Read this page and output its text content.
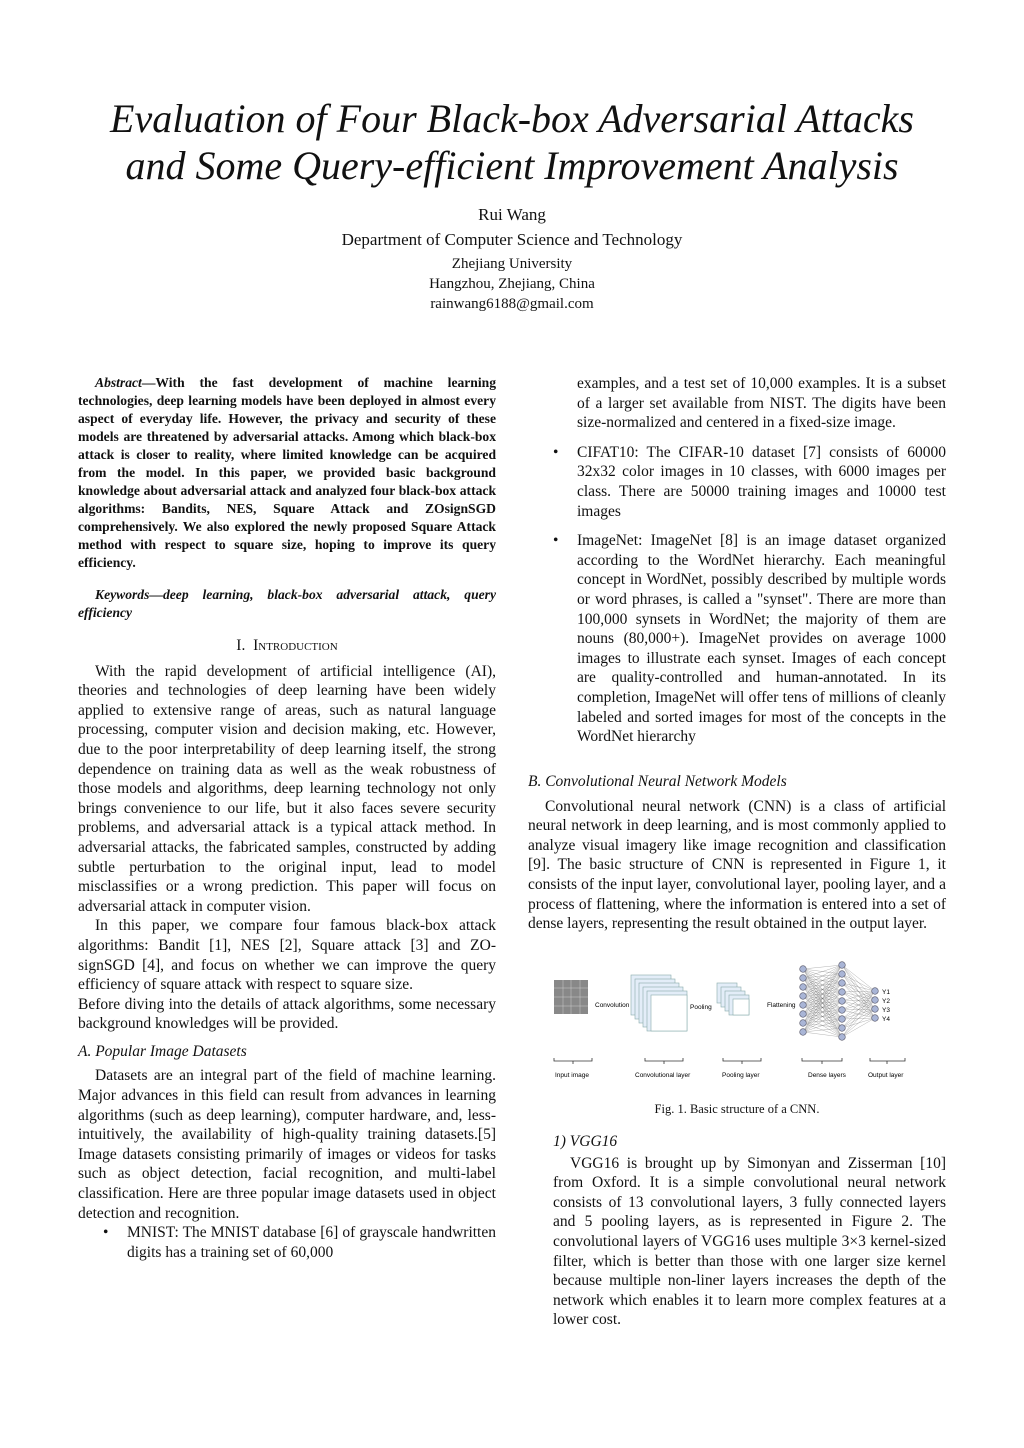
Evaluation of Four Black-box Adversarial Attacks
and Some Query-efficient Improvement Analysis
Rui Wang
Department of Computer Science and Technology
Zhejiang University
Hangzhou, Zhejiang, China
rainwang6188@gmail.com

Abstract—With the fast development of machine learning technologies, deep learning models have been deployed in almost every aspect of everyday life. However, the privacy and security of these models are threatened by adversarial attacks. Among which black-box attack is closer to reality, where limited knowledge can be acquired from the model. In this paper, we provided basic background knowledge about adversarial attack and analyzed four black-box attack algorithms: Bandits, NES, Square Attack and ZOsignSGD comprehensively. We also explored the newly proposed Square Attack method with respect to square size, hoping to improve its query efficiency.

Keywords—deep learning, black-box adversarial attack, query efficiency

I. Introduction

With the rapid development of artificial intelligence (AI), theories and technologies of deep learning have been widely applied to extensive range of areas, such as natural language processing, computer vision and decision making, etc. However, due to the poor interpretability of deep learning itself, the strong dependence on training data as well as the weak robustness of those models and algorithms, deep learning technology not only brings convenience to our life, but it also faces severe security problems, and adversarial attack is a typical attack method. In adversarial attacks, the fabricated samples, constructed by adding subtle perturbation to the original input, lead to model misclassifies or a wrong prediction. This paper will focus on adversarial attack in computer vision.

In this paper, we compare four famous black-box attack algorithms: Bandit [1], NES [2], Square attack [3] and ZO-signSGD [4], and focus on whether we can improve the query efficiency of square attack with respect to square size.

Before diving into the details of attack algorithms, some necessary background knowledges will be provided.

A. Popular Image Datasets

Datasets are an integral part of the field of machine learning. Major advances in this field can result from advances in learning algorithms (such as deep learning), computer hardware, and, less-intuitively, the availability of high-quality training datasets.[5] Image datasets consisting primarily of images or videos for tasks such as object detection, facial recognition, and multi-label classification. Here are three popular image datasets used in object detection and recognition.

• MNIST: The MNIST database [6] of grayscale handwritten digits has a training set of 60,000

examples, and a test set of 10,000 examples. It is a subset of a larger set available from NIST. The digits have been size-normalized and centered in a fixed-size image.

• CIFAT10: The CIFAR-10 dataset [7] consists of 60000 32x32 color images in 10 classes, with 6000 images per class. There are 50000 training images and 10000 test images
• ImageNet: ImageNet [8] is an image dataset organized according to the WordNet hierarchy. Each meaningful concept in WordNet, possibly described by multiple words or word phrases, is called a "synset". There are more than 100,000 synsets in WordNet; the majority of them are nouns (80,000+). ImageNet provides on average 1000 images to illustrate each synset. Images of each concept are quality-controlled and human-annotated. In its completion, ImageNet will offer tens of millions of cleanly labeled and sorted images for most of the concepts in the WordNet hierarchy
B. Convolutional Neural Network Models

Convolutional neural network (CNN) is a class of artificial neural network in deep learning, and is most commonly applied to analyze visual imagery like image recognition and classification [9]. The basic structure of CNN is represented in Figure 1, it consists of the input layer, convolutional layer, pooling layer, and a process of flattening, where the information is entered into a set of dense layers, representing the result obtained in the output layer.

Convolution	Pooling	Flattening
Y1
Y2
Y3
Y4
Input image	Convolutional layer	Pooling layer	Dense layers	Output layer
Fig. 1. Basic structure of a CNN.
1) VGG16

VGG16 is brought up by Simonyan and Zisserman [10] from Oxford. It is a simple convolutional neural network consists of 13 convolutional layers, 3 fully connected layers and 5 pooling layers, as is represented in Figure 2. The convolutional layers of VGG16 uses multiple 3×3 kernel-sized filter, which is better than those with one larger size kernel because multiple non-liner layers increases the depth of the network which enables it to learn more complex features at a lower cost.
